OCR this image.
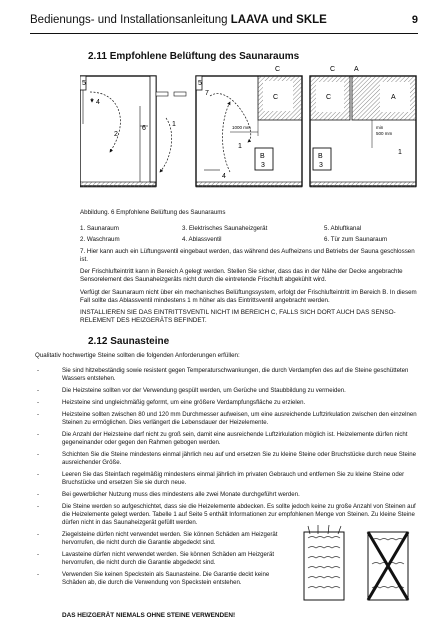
Bedienungs- und Installationsanleitung LAAVA und SKLE	9
2.11 Empfohlene Belüftung des Saunaraums
5
4
2
6
1
5
7
C
C
1000 mm
1
B
3
4
C	A
C	A
min
500 mm
1
B
3
Abbildung. 6 Empfohlene Belüftung des Saunaraums
1. Saunaraum	3. Elektrisches Saunaheizgerät	5. Abluftkanal
2. Waschraum	4. Ablassventil	6. Tür zum Saunaraum
7. Hier kann auch ein Lüftungsventil eingebaut werden, das während des Aufheizens und Betriebs der Sauna geschlossen ist.
Der Frischlufteintritt kann in Bereich A gelegt werden. Stellen Sie sicher, dass das in der Nähe der Decke angebrachte Sensorelement des Saunaheizgeräts nicht durch die eintretende Frischluft abgekühlt wird.
Verfügt der Saunaraum nicht über ein mechanisches Belüftungssystem, erfolgt der Frischlufteintritt im Bereich B. In diesem Fall sollte das Ablassventil mindestens 1 m höher als das Eintrittsventil angebracht werden.
INSTALLIEREN SIE DAS EINTRITTSVENTIL NICHT IM BEREICH C, FALLS SICH DORT AUCH DAS SENSO-RELEMENT DES HEIZGERÄTS BEFINDET.
2.12 Saunasteine
Qualitativ hochwertige Steine sollten die folgenden Anforderungen erfüllen:
-	Sie sind hitzebeständig sowie resistent gegen Temperaturschwankungen, die durch Verdampfen des auf die Steine geschütteten Wassers entstehen.
-	Die Heizsteine sollten vor der Verwendung gespült werden, um Gerüche und Staubbildung zu vermeiden.
-	Heizsteine sind ungleichmäßig geformt, um eine größere Verdampfungsfläche zu erzielen.
-	Heizsteine sollten zwischen 80 und 120 mm Durchmesser aufweisen, um eine ausreichende Luftzirkulation zwischen den einzelnen Steinen zu ermöglichen. Dies verlängert die Lebensdauer der Heizelemente.
-	Die Anzahl der Heizsteine darf nicht zu groß sein, damit eine ausreichende Luftzirkulation möglich ist. Heizelemente dürfen nicht gegeneinander oder gegen den Rahmen gebogen werden.
-	Schichten Sie die Steine mindestens einmal jährlich neu auf und ersetzen Sie zu kleine Steine oder Bruchstücke durch neue Steine ausreichender Größe.
-	Leeren Sie das Steinfach regelmäßig mindestens einmal jährlich im privaten Gebrauch und entfernen Sie zu kleine Steine oder Bruchstücke und ersetzen Sie sie durch neue.
-	Bei gewerblicher Nutzung muss dies mindestens alle zwei Monate durchgeführt werden.
-	Die Steine werden so aufgeschichtet, dass sie die Heizelemente abdecken. Es sollte jedoch keine zu große Anzahl von Steinen auf die Heizelemente gelegt werden. Tabelle 1 auf Seite 5 enthält Informationen zur empfohlenen Menge von Steinen. Zu kleine Steine dürfen nicht in das Saunaheizgerät gefüllt werden.
-	Ziegelsteine dürfen nicht verwendet werden. Sie können Schäden am Heizgerät hervorrufen, die nicht durch die Garantie abgedeckt sind.
-	Lavasteine dürfen nicht verwendet werden. Sie können Schäden am Heizgerät hervorrufen, die nicht durch die Garantie abgedeckt sind.
-	Verwenden Sie keinen Speckstein als Saunasteine. Die Garantie deckt keine Schäden ab, die durch die Verwendung von Speckstein entstehen.
DAS HEIZGERÄT NIEMALS OHNE STEINE VERWENDEN!
